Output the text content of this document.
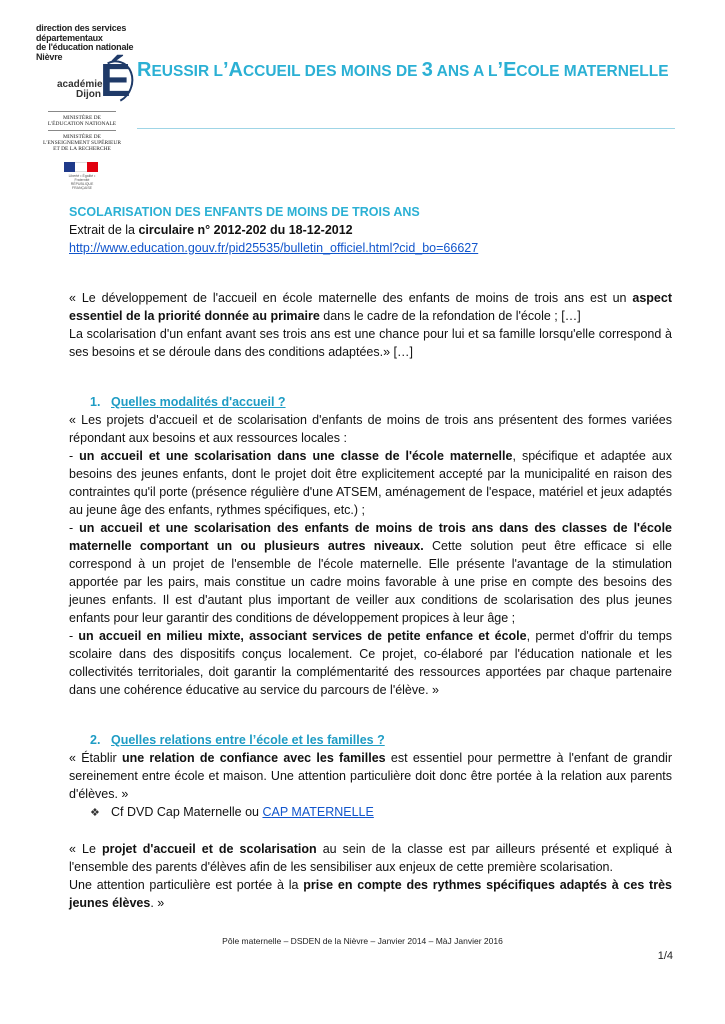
direction des services
départementaux
de l'éducation nationale
Nièvre
académie
Dijon É
MINISTÈRE DE
L'ÉDUCATION NATIONALE
MINISTÈRE DE
L'ENSEIGNEMENT SUPÉRIEUR
ET DE LA RECHERCHE
Liberté • Égalité • Fraternité
RÉPUBLIQUE FRANÇAISE
REUSSIR L’ACCUEIL DES MOINS DE 3 ANS A L’ECOLE MATERNELLE

SCOLARISATION DES ENFANTS DE MOINS DE TROIS ANS

Extrait de la circulaire n° 2012-202 du 18-12-2012

http://www.education.gouv.fr/pid25535/bulletin_officiel.html?cid_bo=66627

« Le développement de l'accueil en école maternelle des enfants de moins de trois ans est un aspect essentiel de la priorité donnée au primaire dans le cadre de la refondation de l'école ; […]

La scolarisation d'un enfant avant ses trois ans est une chance pour lui et sa famille lorsqu'elle correspond à ses besoins et se déroule dans des conditions adaptées.» […]

1. Quelles modalités d'accueil ?

« Les projets d'accueil et de scolarisation d'enfants de moins de trois ans présentent des formes variées répondant aux besoins et aux ressources locales :

- un accueil et une scolarisation dans une classe de l'école maternelle, spécifique et adaptée aux besoins des jeunes enfants, dont le projet doit être explicitement accepté par la municipalité en raison des contraintes qu'il porte (présence régulière d'une ATSEM, aménagement de l'espace, matériel et jeux adaptés au jeune âge des enfants, rythmes spécifiques, etc.) ;

- un accueil et une scolarisation des enfants de moins de trois ans dans des classes de l'école maternelle comportant un ou plusieurs autres niveaux. Cette solution peut être efficace si elle correspond à un projet de l'ensemble de l'école maternelle. Elle présente l'avantage de la stimulation apportée par les pairs, mais constitue un cadre moins favorable à une prise en compte des besoins des jeunes enfants. Il est d'autant plus important de veiller aux conditions de scolarisation des plus jeunes enfants pour leur garantir des conditions de développement propices à leur âge ;

- un accueil en milieu mixte, associant services de petite enfance et école, permet d'offrir du temps scolaire dans des dispositifs conçus localement. Ce projet, co-élaboré par l'éducation nationale et les collectivités territoriales, doit garantir la complémentarité des ressources apportées par chaque partenaire dans une cohérence éducative au service du parcours de l'élève. »

2. Quelles relations entre l’école et les familles ?

« Établir une relation de confiance avec les familles est essentiel pour permettre à l'enfant de grandir sereinement entre école et maison. Une attention particulière doit donc être portée à la relation aux parents d'élèves. »

❖ Cf DVD Cap Maternelle ou CAP MATERNELLE

« Le projet d'accueil et de scolarisation au sein de la classe est par ailleurs présenté et expliqué à l'ensemble des parents d'élèves afin de les sensibiliser aux enjeux de cette première scolarisation.

Une attention particulière est portée à la prise en compte des rythmes spécifiques adaptés à ces très jeunes élèves. »

Pôle maternelle – DSDEN de la Nièvre – Janvier 2014 – MàJ Janvier 2016
1/4
